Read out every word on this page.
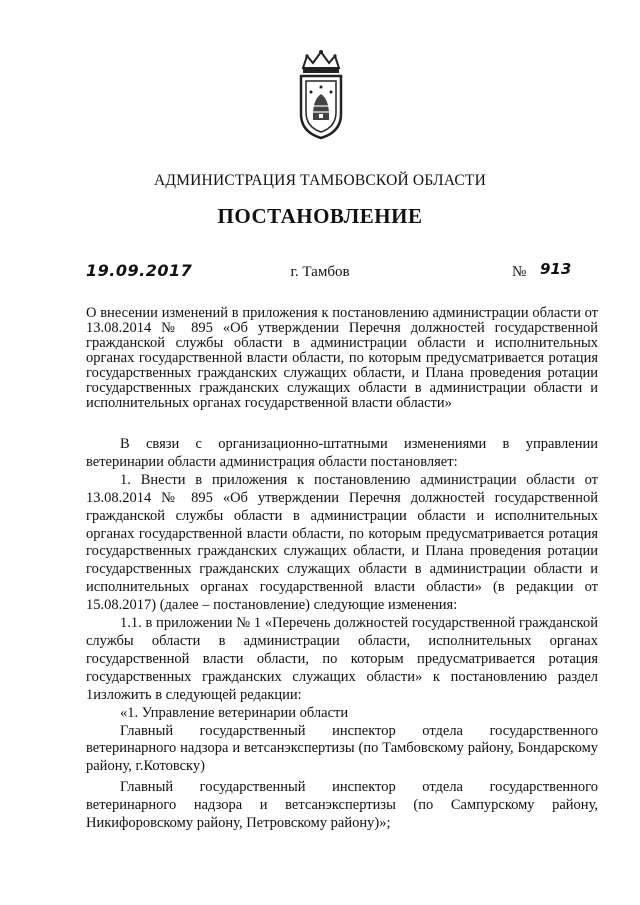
АДМИНИСТРАЦИЯ ТАМБОВСКОЙ ОБЛАСТИ
ПОСТАНОВЛЕНИЕ
19.09.2017	г. Тамбов	№ 913
О внесении изменений в приложения к постановлению администрации области от 13.08.2014 № 895 «Об утверждении Перечня должностей государственной гражданской службы области в администрации области и исполнительных органах государственной власти области, по которым предусматривается ротация государственных гражданских служащих области, и Плана проведения ротации государственных гражданских служащих области в администрации области и исполнительных органах государственной власти области»

В связи с организационно-штатными изменениями в управлении ветеринарии области администрация области постановляет:

1. Внести в приложения к постановлению администрации области от 13.08.2014 № 895 «Об утверждении Перечня должностей государственной гражданской службы области в администрации области и исполнительных органах государственной власти области, по которым предусматривается ротация государственных гражданских служащих области, и Плана проведения ротации государственных гражданских служащих области в администрации области и исполнительных органах государственной власти области» (в редакции от 15.08.2017) (далее – постановление) следующие изменения:

1.1. в приложении № 1 «Перечень должностей государственной гражданской службы области в администрации области, исполнительных органах государственной власти области, по которым предусматривается ротация государственных гражданских служащих области» к постановлению раздел 1изложить в следующей редакции:

«1. Управление ветеринарии области

Главный государственный инспектор отдела государственного ветеринарного надзора и ветсанэкспертизы (по Тамбовскому району, Бондарскому району, г.Котовску)

Главный государственный инспектор отдела государственного ветеринарного надзора и ветсанэкспертизы (по Сампурскому району, Никифоровскому району, Петровскому району)»;
